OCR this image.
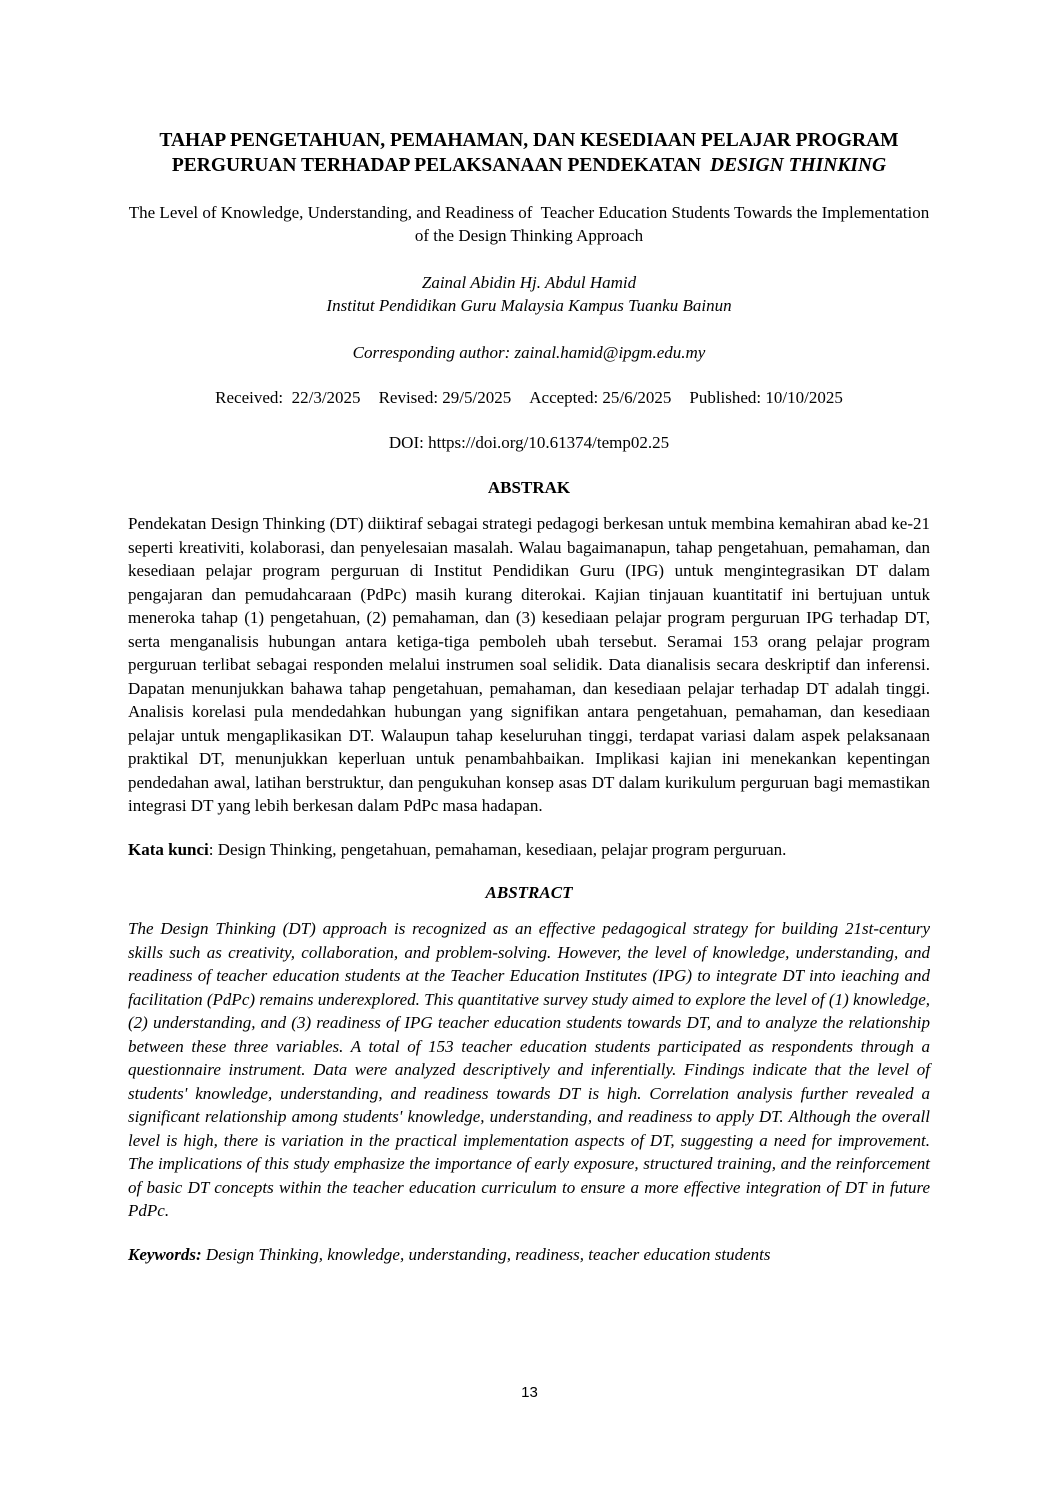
TAHAP PENGETAHUAN, PEMAHAMAN, DAN KESEDIAAN PELAJAR PROGRAM PERGURUAN TERHADAP PELAKSANAAN PENDEKATAN DESIGN THINKING
The Level of Knowledge, Understanding, and Readiness of  Teacher Education Students Towards the Implementation of the Design Thinking Approach
Zainal Abidin Hj. Abdul Hamid
Institut Pendidikan Guru Malaysia Kampus Tuanku Bainun
Corresponding author: zainal.hamid@ipgm.edu.my
Received:  22/3/2025 Revised: 29/5/2025 Accepted: 25/6/2025 Published: 10/10/2025
DOI: https://doi.org/10.61374/temp02.25
ABSTRAK

Pendekatan Design Thinking (DT) diiktiraf sebagai strategi pedagogi berkesan untuk membina kemahiran abad ke-21 seperti kreativiti, kolaborasi, dan penyelesaian masalah. Walau bagaimanapun, tahap pengetahuan, pemahaman, dan kesediaan pelajar program perguruan di Institut Pendidikan Guru (IPG) untuk mengintegrasikan DT dalam pengajaran dan pemudahcaraan (PdPc) masih kurang diterokai. Kajian tinjauan kuantitatif ini bertujuan untuk meneroka tahap (1) pengetahuan, (2) pemahaman, dan (3) kesediaan pelajar program perguruan IPG terhadap DT, serta menganalisis hubungan antara ketiga-tiga pemboleh ubah tersebut. Seramai 153 orang pelajar program perguruan terlibat sebagai responden melalui instrumen soal selidik. Data dianalisis secara deskriptif dan inferensi. Dapatan menunjukkan bahawa tahap pengetahuan, pemahaman, dan kesediaan pelajar terhadap DT adalah tinggi. Analisis korelasi pula mendedahkan hubungan yang signifikan antara pengetahuan, pemahaman, dan kesediaan pelajar untuk mengaplikasikan DT. Walaupun tahap keseluruhan tinggi, terdapat variasi dalam aspek pelaksanaan praktikal DT, menunjukkan keperluan untuk penambahbaikan. Implikasi kajian ini menekankan kepentingan pendedahan awal, latihan berstruktur, dan pengukuhan konsep asas DT dalam kurikulum perguruan bagi memastikan integrasi DT yang lebih berkesan dalam PdPc masa hadapan.

Kata kunci: Design Thinking, pengetahuan, pemahaman, kesediaan, pelajar program perguruan.

ABSTRACT

The Design Thinking (DT) approach is recognized as an effective pedagogical strategy for building 21st-century skills such as creativity, collaboration, and problem-solving. However, the level of knowledge, understanding, and readiness of teacher education students at the Teacher Education Institutes (IPG) to integrate DT into ieaching and facilitation (PdPc) remains underexplored. This quantitative survey study aimed to explore the level of (1) knowledge, (2) understanding, and (3) readiness of IPG teacher education students towards DT, and to analyze the relationship between these three variables. A total of 153 teacher education students participated as respondents through a questionnaire instrument. Data were analyzed descriptively and inferentially. Findings indicate that the level of students' knowledge, understanding, and readiness towards DT is high. Correlation analysis further revealed a significant relationship among students' knowledge, understanding, and readiness to apply DT. Although the overall level is high, there is variation in the practical implementation aspects of DT, suggesting a need for improvement. The implications of this study emphasize the importance of early exposure, structured training, and the reinforcement of basic DT concepts within the teacher education curriculum to ensure a more effective integration of DT in future PdPc.

Keywords: Design Thinking, knowledge, understanding, readiness, teacher education students

13
